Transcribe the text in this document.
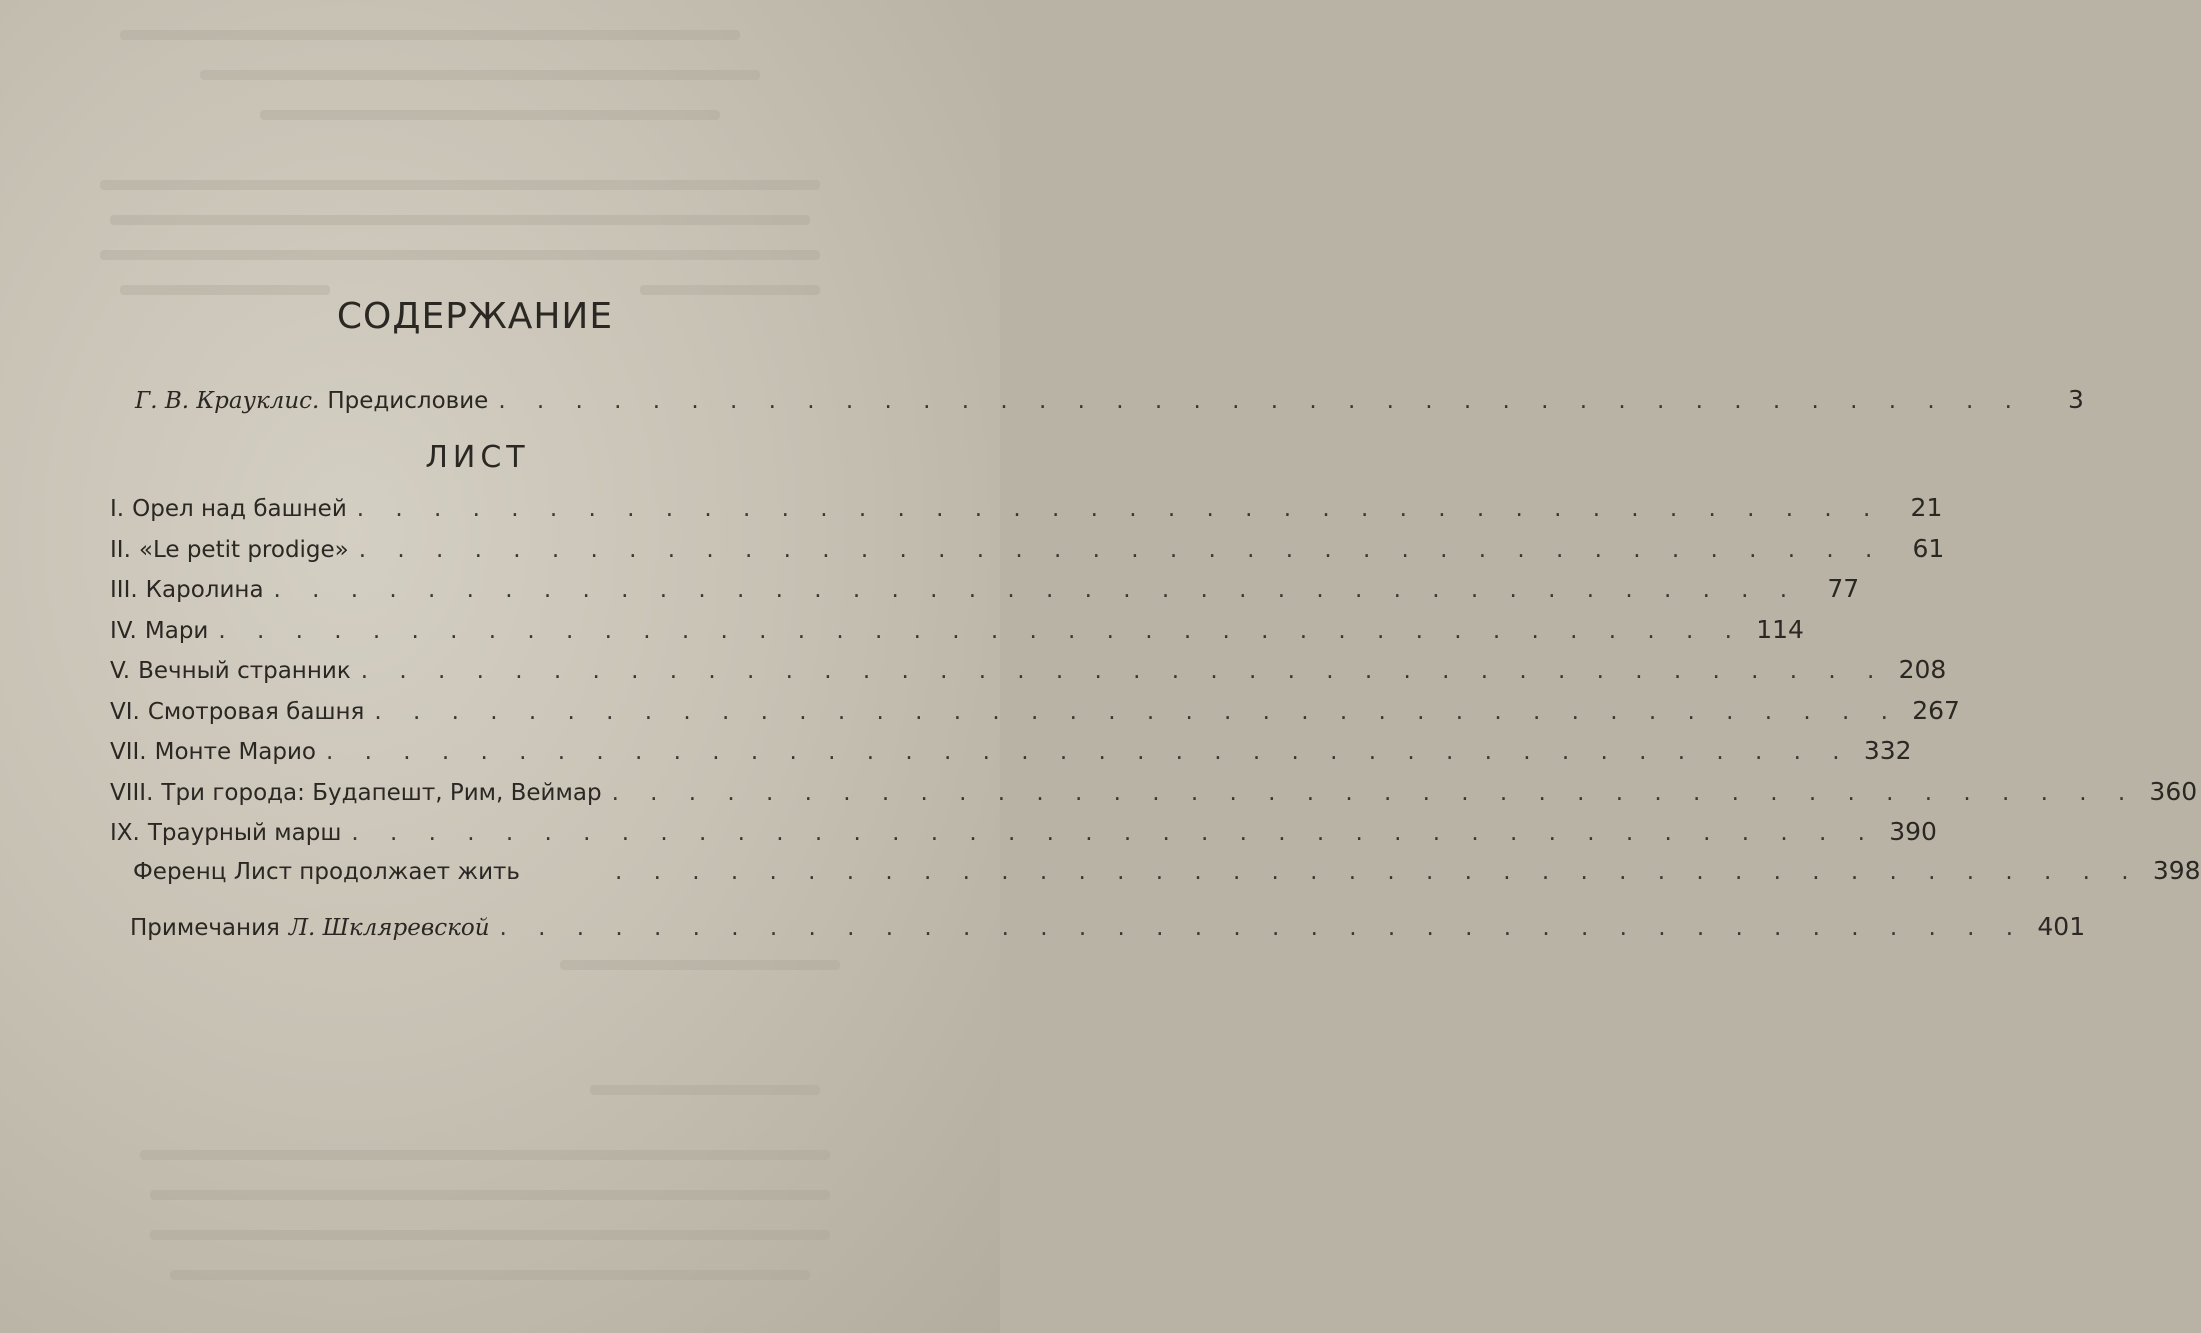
СОДЕРЖАНИЕ
Г. В. Крауклис. Предисловие . . . . . . . . . . . . . . . . . . . . . . . . . . . . . . . . . . . . . . . .	3
ЛИСТ
I. Орел над башней . . . . . . . . . . . . . . . . . . . . . . . . . . . . . . . . . . . . . . . .	21
II. «Le petit prodige» . . . . . . . . . . . . . . . . . . . . . . . . . . . . . . . . . . . . . . . .	61
III. Каролина . . . . . . . . . . . . . . . . . . . . . . . . . . . . . . . . . . . . . . . .	77
IV. Мари . . . . . . . . . . . . . . . . . . . . . . . . . . . . . . . . . . . . . . . . 114
V. Вечный странник . . . . . . . . . . . . . . . . . . . . . . . . . . . . . . . . . . . . . . . . 208
VI. Смотровая башня . . . . . . . . . . . . . . . . . . . . . . . . . . . . . . . . . . . . . . . . 267
VII. Монте Марио . . . . . . . . . . . . . . . . . . . . . . . . . . . . . . . . . . . . . . . . 332
VIII. Три города: Будапешт, Рим, Веймар . . . . . . . . . . . . . . . . . . . . . . . . . . . . . . . . . . . . . . . . 360
IX. Траурный марш . . . . . . . . . . . . . . . . . . . . . . . . . . . . . . . . . . . . . . . . 390
Ференц Лист продолжает жить	. . . . . . . . . . . . . . . . . . . . . . . . . . . . . . . . . . . . . . . . 398
Примечания Л. Шкляревской . . . . . . . . . . . . . . . . . . . . . . . . . . . . . . . . . . . . . . . . 401
